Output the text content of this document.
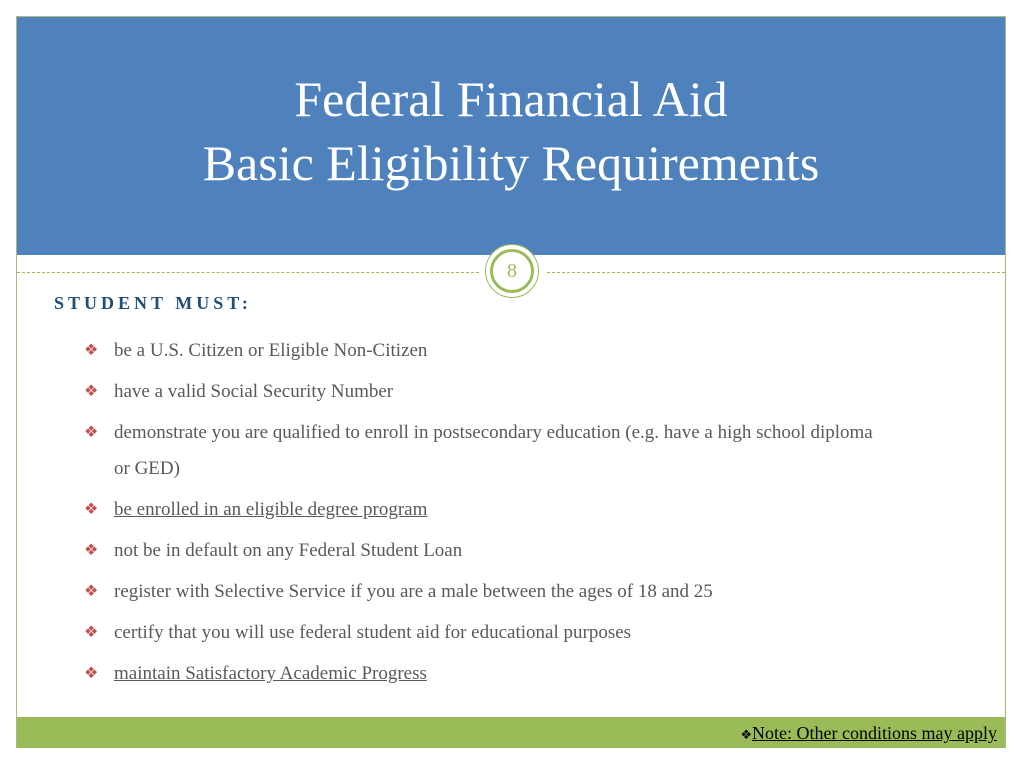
Federal Financial Aid
Basic Eligibility Requirements
8
STUDENT MUST:
❖ be a U.S. Citizen or Eligible Non-Citizen
❖ have a valid Social Security Number
❖ demonstrate you are qualified to enroll in postsecondary education (e.g. have a high school diploma or GED)
❖ be enrolled in an eligible degree program
❖ not be in default on any Federal Student Loan
❖ register with Selective Service if you are a male between the ages of 18 and 25
❖ certify that you will use federal student aid for educational purposes
❖ maintain Satisfactory Academic Progress
❖Note: Other conditions may apply
